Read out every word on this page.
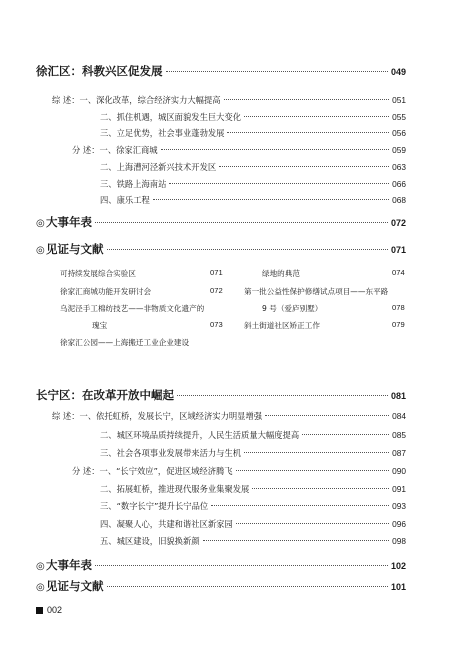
徐汇区：科教兴区促发展	049
综 述：一、深化改革，综合经济实力大幅提高	051
二、抓住机遇，城区面貌发生巨大变化	055
三、立足优势，社会事业蓬勃发展	056
分 述：一、徐家汇商城	059
二、上海漕河泾新兴技术开发区	063
三、铁路上海南站	066
四、康乐工程	068
◎ 大事年表	072
◎ 见证与文献	071
可持续发展综合实验区	071
徐家汇商城功能开发研讨会	072
乌泥泾手工棉纺技艺——非物质文化遗产的
瑰宝	073
徐家汇公园——上海搬迁工业企业建设
绿地的典范	074
第一批公益性保护修缮试点项目——东平路
9 号（爱庐别墅）	078
斜土街道社区矫正工作	079
长宁区：在改革开放中崛起	081
综 述：一、依托虹桥，发展长宁，区域经济实力明显增强	084
二、城区环境品质持续提升，人民生活质量大幅度提高	085
三、社会各项事业发展带来活力与生机	087
分 述：一、“长宁效应”，促进区域经济腾飞	090
二、拓展虹桥，推进现代服务业集聚发展	091
三、“数字长宁”提升长宁品位	093
四、凝聚人心，共建和谐社区新家园	096
五、城区建设，旧貌换新颜	098
◎ 大事年表	102
◎ 见证与文献	101
002
